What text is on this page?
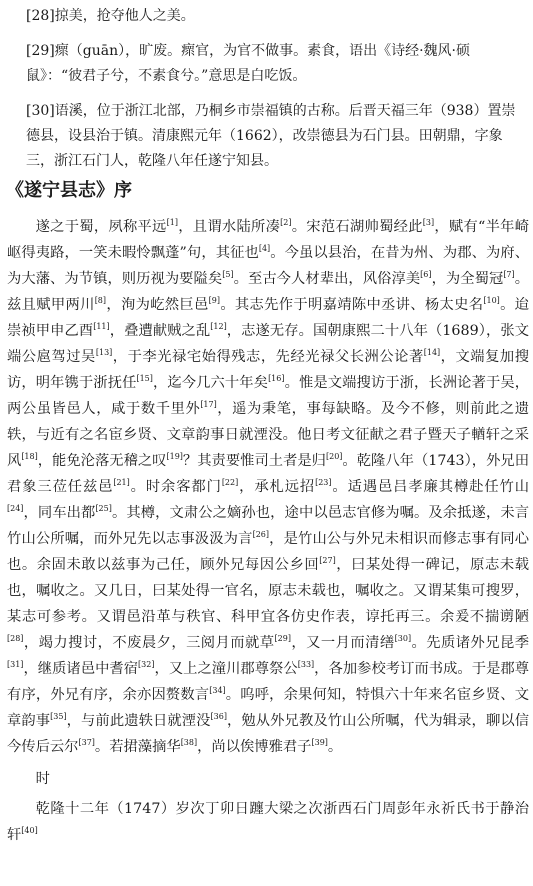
[28]掠美，抢夺他人之美。

[29]瘝（guān），旷废。瘝官，为官不做事。素食，语出《诗经·魏风·硕鼠》：“彼君子兮，不素食兮。”意思是白吃饭。

[30]语溪，位于浙江北部，乃桐乡市崇福镇的古称。后晋天福三年（938）置崇德县，设县治于镇。清康熙元年（1662），改崇德县为石门县。田朝鼎，字象三，浙江石门人，乾隆八年任遂宁知县。

《遂宁县志》序

遂之于蜀，夙称平远[1]，且谓水陆所凑[2]。宋范石湖帅蜀经此[3]，赋有“半年崎岖得夷路，一笑未暇怜飘蓬”句，其征也[4]。今虽以县治，在昔为州、为郡、为府、为大藩、为节镇，则历视为要隘矣[5]。至古今人材辈出，风俗淳美[6]，为全蜀冠[7]。兹且赋甲两川[8]，洵为屹然巨邑[9]。其志先作于明嘉靖陈中丞讲、杨太史名[10]。迨崇祯甲申乙酉[11]，叠遭献贼之乱[12]，志遂无存。国朝康熙二十八年（1689），张文端公扈驾过吴[13]，于李光禄宅始得残志，先经光禄父长洲公论著[14]，文端复加搜访，明年镌于浙抚任[15]，迄今几六十年矣[16]。惟是文端搜访于浙，长洲论著于吴，两公虽皆邑人，咸于数千里外[17]，遥为秉笔，事每缺略。及今不修，则前此之遗轶，与近有之名宦乡贤、文章韵事日就湮没。他日考文征献之君子暨天子輶轩之采风[18]，能免沦落无稽之叹[19]？其责要惟司土者是归[20]。乾隆八年（1743），外兄田君象三莅任兹邑[21]。时余客都门[22]，承札远招[23]。适遇邑吕孝廉其樽赴任竹山[24]，同车出都[25]。其樽，文肃公之嫡孙也，途中以邑志官修为嘱。及余抵遂，未言竹山公所嘱，而外兄先以志事汲汲为言[26]，是竹山公与外兄未相识而修志事有同心也。余固未敢以兹事为己任，顾外兄每因公乡回[27]，曰某处得一碑记，原志未载也，嘱收之。又几日，曰某处得一官名，原志未载也，嘱收之。又谓某集可搜罗，某志可参考。又谓邑沿革与秩官、科甲宜各仿史作表，谆托再三。余爰不揣谫陋[28]，竭力搜讨，不废晨夕，三阅月而就草[29]，又一月而清缮[30]。先质诸外兄昆季[31]，继质诸邑中耆宿[32]，又上之潼川郡尊祭公[33]，各加参校考订而书成。于是郡尊有序，外兄有序，余亦因赘数言[34]。呜呼，余果何知，特惧六十年来名宦乡贤、文章韵事[35]，与前此遗轶日就湮没[36]，勉从外兄教及竹山公所嘱，代为辑录，聊以信今传后云尔[37]。若捃藻摘华[38]，尚以俟博雅君子[39]。

时

乾隆十二年（1747）岁次丁卯日躔大梁之次浙西石门周彭年永祈氏书于静治轩[40]
